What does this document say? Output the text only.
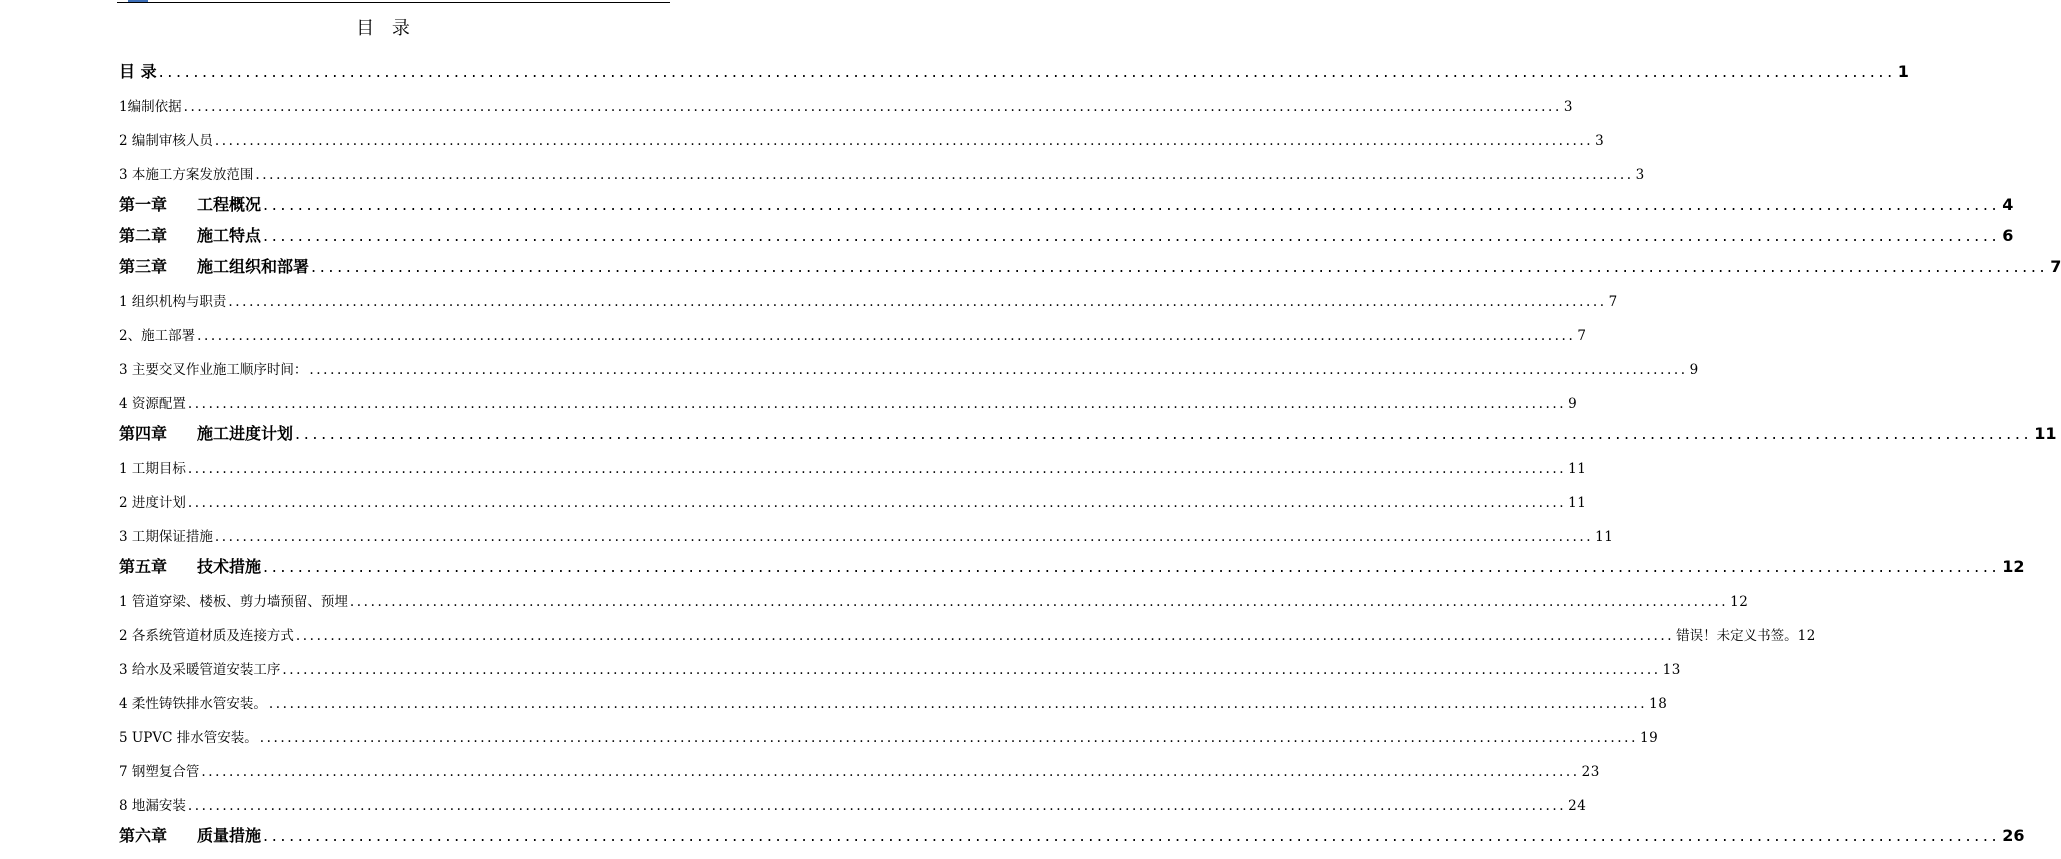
目 录
目 录 ........................................................................................................................................................................................................ 1
1编制依据 ........................................................................................................................................................................................................ 3
2 编制审核人员 ........................................................................................................................................................................................................ 3
3 本施工方案发放范围 ........................................................................................................................................................................................................ 3
第一章 工程概况 ........................................................................................................................................................................................................ 4
第二章 施工特点 ........................................................................................................................................................................................................ 6
第三章 施工组织和部署 ........................................................................................................................................................................................................ 7
1 组织机构与职责 ........................................................................................................................................................................................................ 7
2、施工部署 ........................................................................................................................................................................................................ 7
3 主要交叉作业施工顺序时间： ........................................................................................................................................................................................................ 9
4 资源配置 ........................................................................................................................................................................................................ 9
第四章 施工进度计划 ........................................................................................................................................................................................................ 11
1 工期目标 ........................................................................................................................................................................................................ 11
2 进度计划 ........................................................................................................................................................................................................ 11
3 工期保证措施 ........................................................................................................................................................................................................ 11
第五章 技术措施 ........................................................................................................................................................................................................ 12
1 管道穿梁、楼板、剪力墙预留、预埋 ........................................................................................................................................................................................................ 12
2 各系统管道材质及连接方式 ........................................................................................................................................................................................................ 错误！未定义书签。 12
3 给水及采暖管道安装工序 ........................................................................................................................................................................................................ 13
4 柔性铸铁排水管安装。 ........................................................................................................................................................................................................ 18
5 UPVC 排水管安装。 ........................................................................................................................................................................................................ 19
7 钢塑复合管 ........................................................................................................................................................................................................ 23
8 地漏安装 ........................................................................................................................................................................................................ 24
第六章 质量措施 ........................................................................................................................................................................................................ 26
